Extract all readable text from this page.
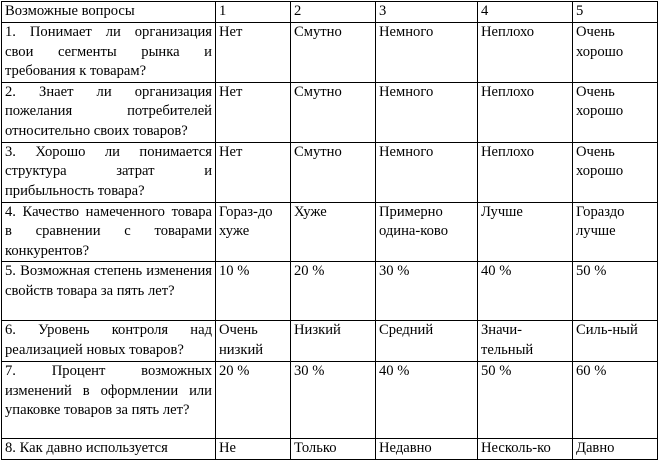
Возможные вопросы	1	2	3	4	5
1. Понимает ли организация свои сегменты рынка и требования к товарам?	Нет	Смутно	Немного	Неплохо	Очень хорошо
2. Знает ли организация пожелания потребителей относительно своих товаров?	Нет	Смутно	Немного	Неплохо	Очень хорошо
3. Хорошо ли понимается структура затрат и прибыльность товара?	Нет	Смутно	Немного	Неплохо	Очень хорошо
4. Качество намеченного товара в сравнении с товарами конкурентов?	Гораз-до хуже	Хуже	Примерно одина-ково	Лучше	Гораздо лучше
5. Возможная степень изменения свойств товара за пять лет?	10 %	20 %	30 %	40 %	50 %
6. Уровень контроля над реализацией новых товаров?	Очень низкий	Низкий	Средний	Значи-тельный	Силь-ный
7. Процент возможных изменений в оформлении или упаковке товаров за пять лет?	20 %	30 %	40 %	50 %	60 %
8. Как давно используется	Не	Только	Недавно	Несколь-ко	Давно
